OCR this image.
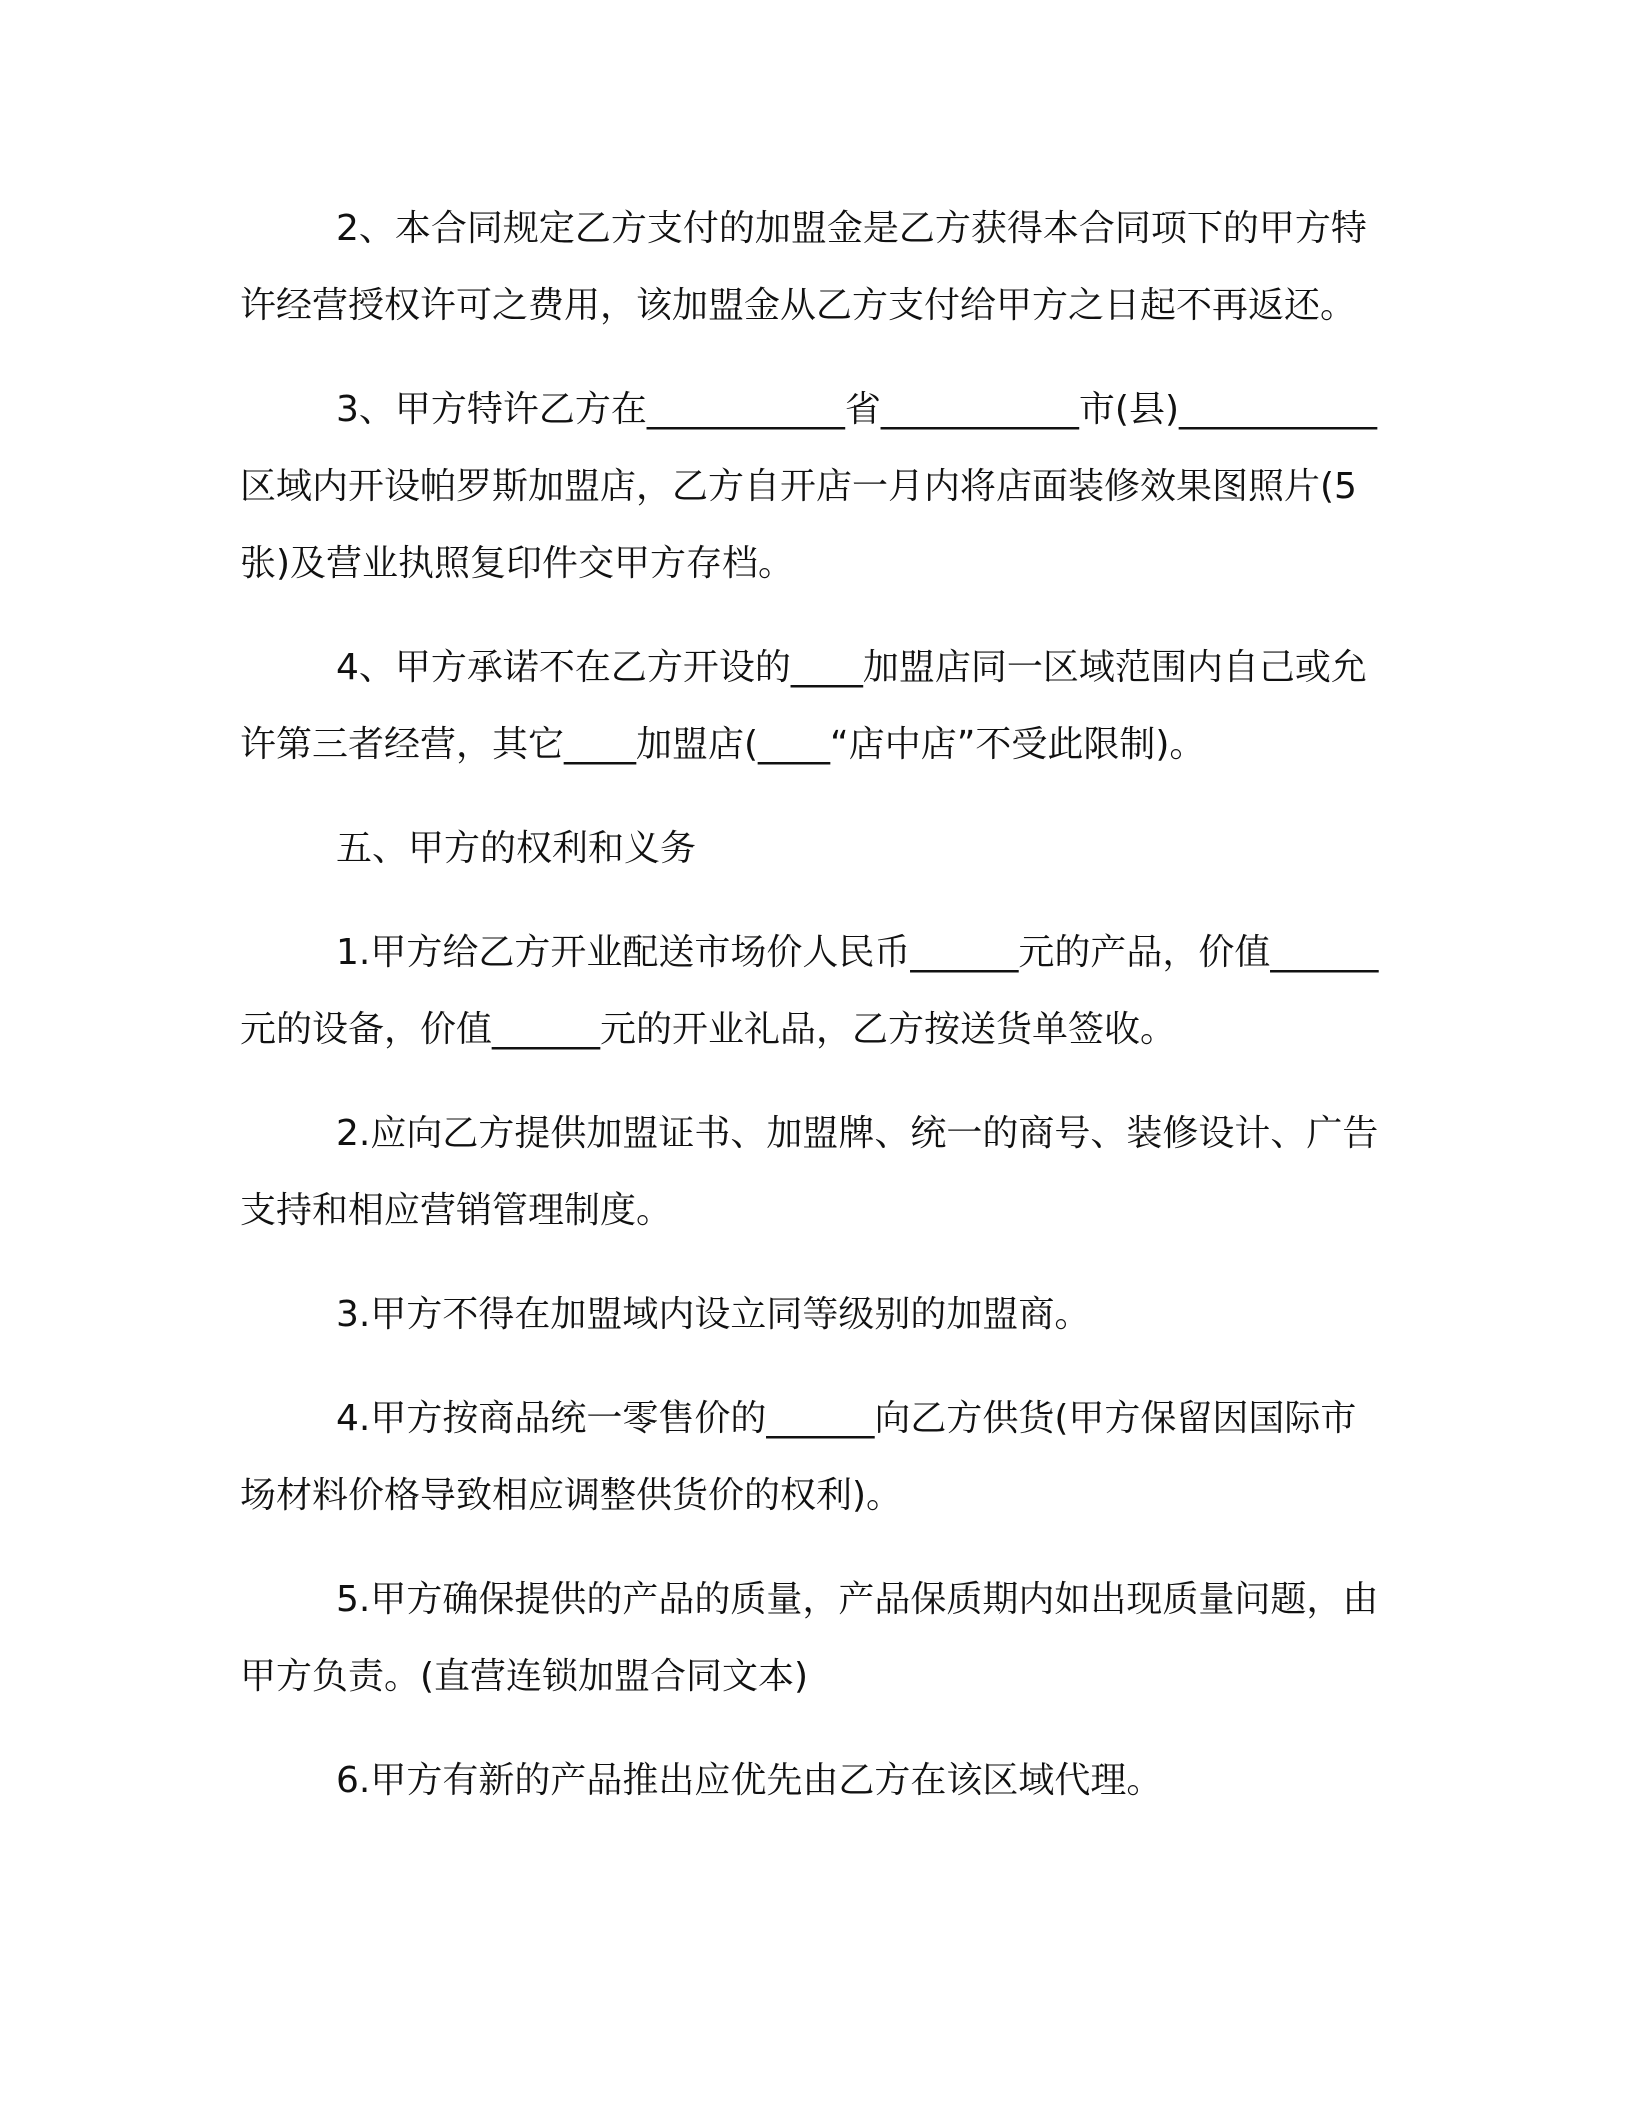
2、本合同规定乙方支付的加盟金是乙方获得本合同项下的甲方特许经营授权许可之费用，该加盟金从乙方支付给甲方之日起不再返还。

3、甲方特许乙方在___________省___________市(县)___________区域内开设帕罗斯加盟店，乙方自开店一月内将店面装修效果图照片(5 张)及营业执照复印件交甲方存档。

4、甲方承诺不在乙方开设的____加盟店同一区域范围内自己或允许第三者经营，其它____加盟店(____“店中店”不受此限制)。

五、甲方的权利和义务

1.甲方给乙方开业配送市场价人民币______元的产品，价值______元的设备，价值______元的开业礼品，乙方按送货单签收。

2.应向乙方提供加盟证书、加盟牌、统一的商号、装修设计、广告支持和相应营销管理制度。

3.甲方不得在加盟域内设立同等级别的加盟商。

4.甲方按商品统一零售价的______向乙方供货(甲方保留因国际市场材料价格导致相应调整供货价的权利)。

5.甲方确保提供的产品的质量，产品保质期内如出现质量问题，由甲方负责。(直营连锁加盟合同文本)

6.甲方有新的产品推出应优先由乙方在该区域代理。
